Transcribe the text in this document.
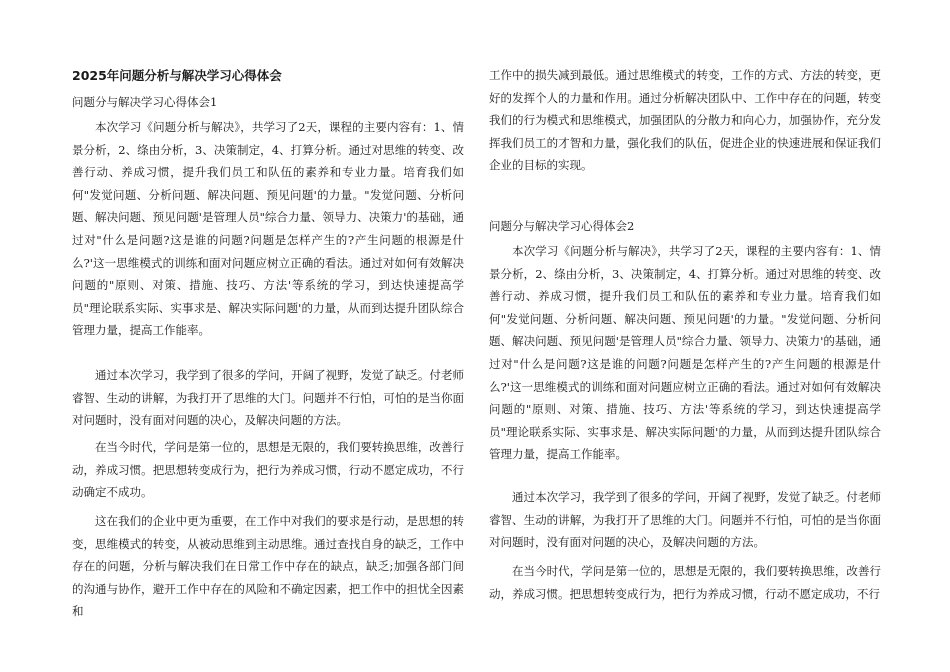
2025年问题分析与解决学习心得体会
问题分与解决学习心得体会1

本次学习《问题分析与解决》，共学习了2天，课程的主要内容有：1、情景分析，2、绦由分析，3、决策制定，4、打算分析。通过对思维的转变、改善行动、养成习惯，提升我们员工和队伍的素养和专业力量。培育我们如何"发觉问题、分析问题、解决问题、预见问题'的力量。"发觉问题、分析问题、解决问题、预见问题'是管理人员"综合力量、领导力、决策力'的基础，通过对"什么是问题?这是谁的问题?问题是怎样产生的?产生问题的根源是什么?'这一思维模式的训练和面对问题应树立正确的看法。通过对如何有效解决问题的"原则、对策、措施、技巧、方法'等系统的学习，到达快速提高学员"理论联系实际、实事求是、解决实际问题'的力量，从而到达提升团队综合管理力量，提高工作能率。

通过本次学习，我学到了很多的学问，开阔了视野，发觉了缺乏。付老师睿智、生动的讲解，为我打开了思维的大门。问题并不行怕，可怕的是当你面对问题时，没有面对问题的决心，及解决问题的方法。

在当今时代，学问是第一位的，思想是无限的，我们要转换思维，改善行动，养成习惯。把思想转变成行为，把行为养成习惯，行动不愿定成功，不行动确定不成功。

这在我们的企业中更为重要，在工作中对我们的要求是行动，是思想的转变，思维模式的转变，从被动思维到主动思维。通过查找自身的缺乏，工作中存在的问题，分析与解决我们在日常工作中存在的缺点，缺乏;加强各部门间的沟通与协作，避开工作中存在的风险和不确定因素，把工作中的担忧全因素和

工作中的损失减到最低。通过思维模式的转变，工作的方式、方法的转变，更好的发挥个人的力量和作用。通过分析解决团队中、工作中存在的问题，转变我们的行为模式和思维模式，加强团队的分散力和向心力，加强协作，充分发挥我们员工的才智和力量，强化我们的队伍，促进企业的快速进展和保证我们企业的目标的实现。

问题分与解决学习心得体会2

本次学习《问题分析与解决》，共学习了2天，课程的主要内容有：1、情景分析，2、绦由分析，3、决策制定，4、打算分析。通过对思维的转变、改善行动、养成习惯，提升我们员工和队伍的素养和专业力量。培育我们如何"发觉问题、分析问题、解决问题、预见问题'的力量。"发觉问题、分析问题、解决问题、预见问题'是管理人员"综合力量、领导力、决策力'的基础，通过对"什么是问题?这是谁的问题?问题是怎样产生的?产生问题的根源是什么?'这一思维模式的训练和面对问题应树立正确的看法。通过对如何有效解决问题的"原则、对策、措施、技巧、方法'等系统的学习，到达快速提高学员"理论联系实际、实事求是、解决实际问题'的力量，从而到达提升团队综合管理力量，提高工作能率。

通过本次学习，我学到了很多的学问，开阔了视野，发觉了缺乏。付老师睿智、生动的讲解，为我打开了思维的大门。问题并不行怕，可怕的是当你面对问题时，没有面对问题的决心，及解决问题的方法。

在当今时代，学问是第一位的，思想是无限的，我们要转换思维，改善行动，养成习惯。把思想转变成行为，把行为养成习惯，行动不愿定成功，不行
